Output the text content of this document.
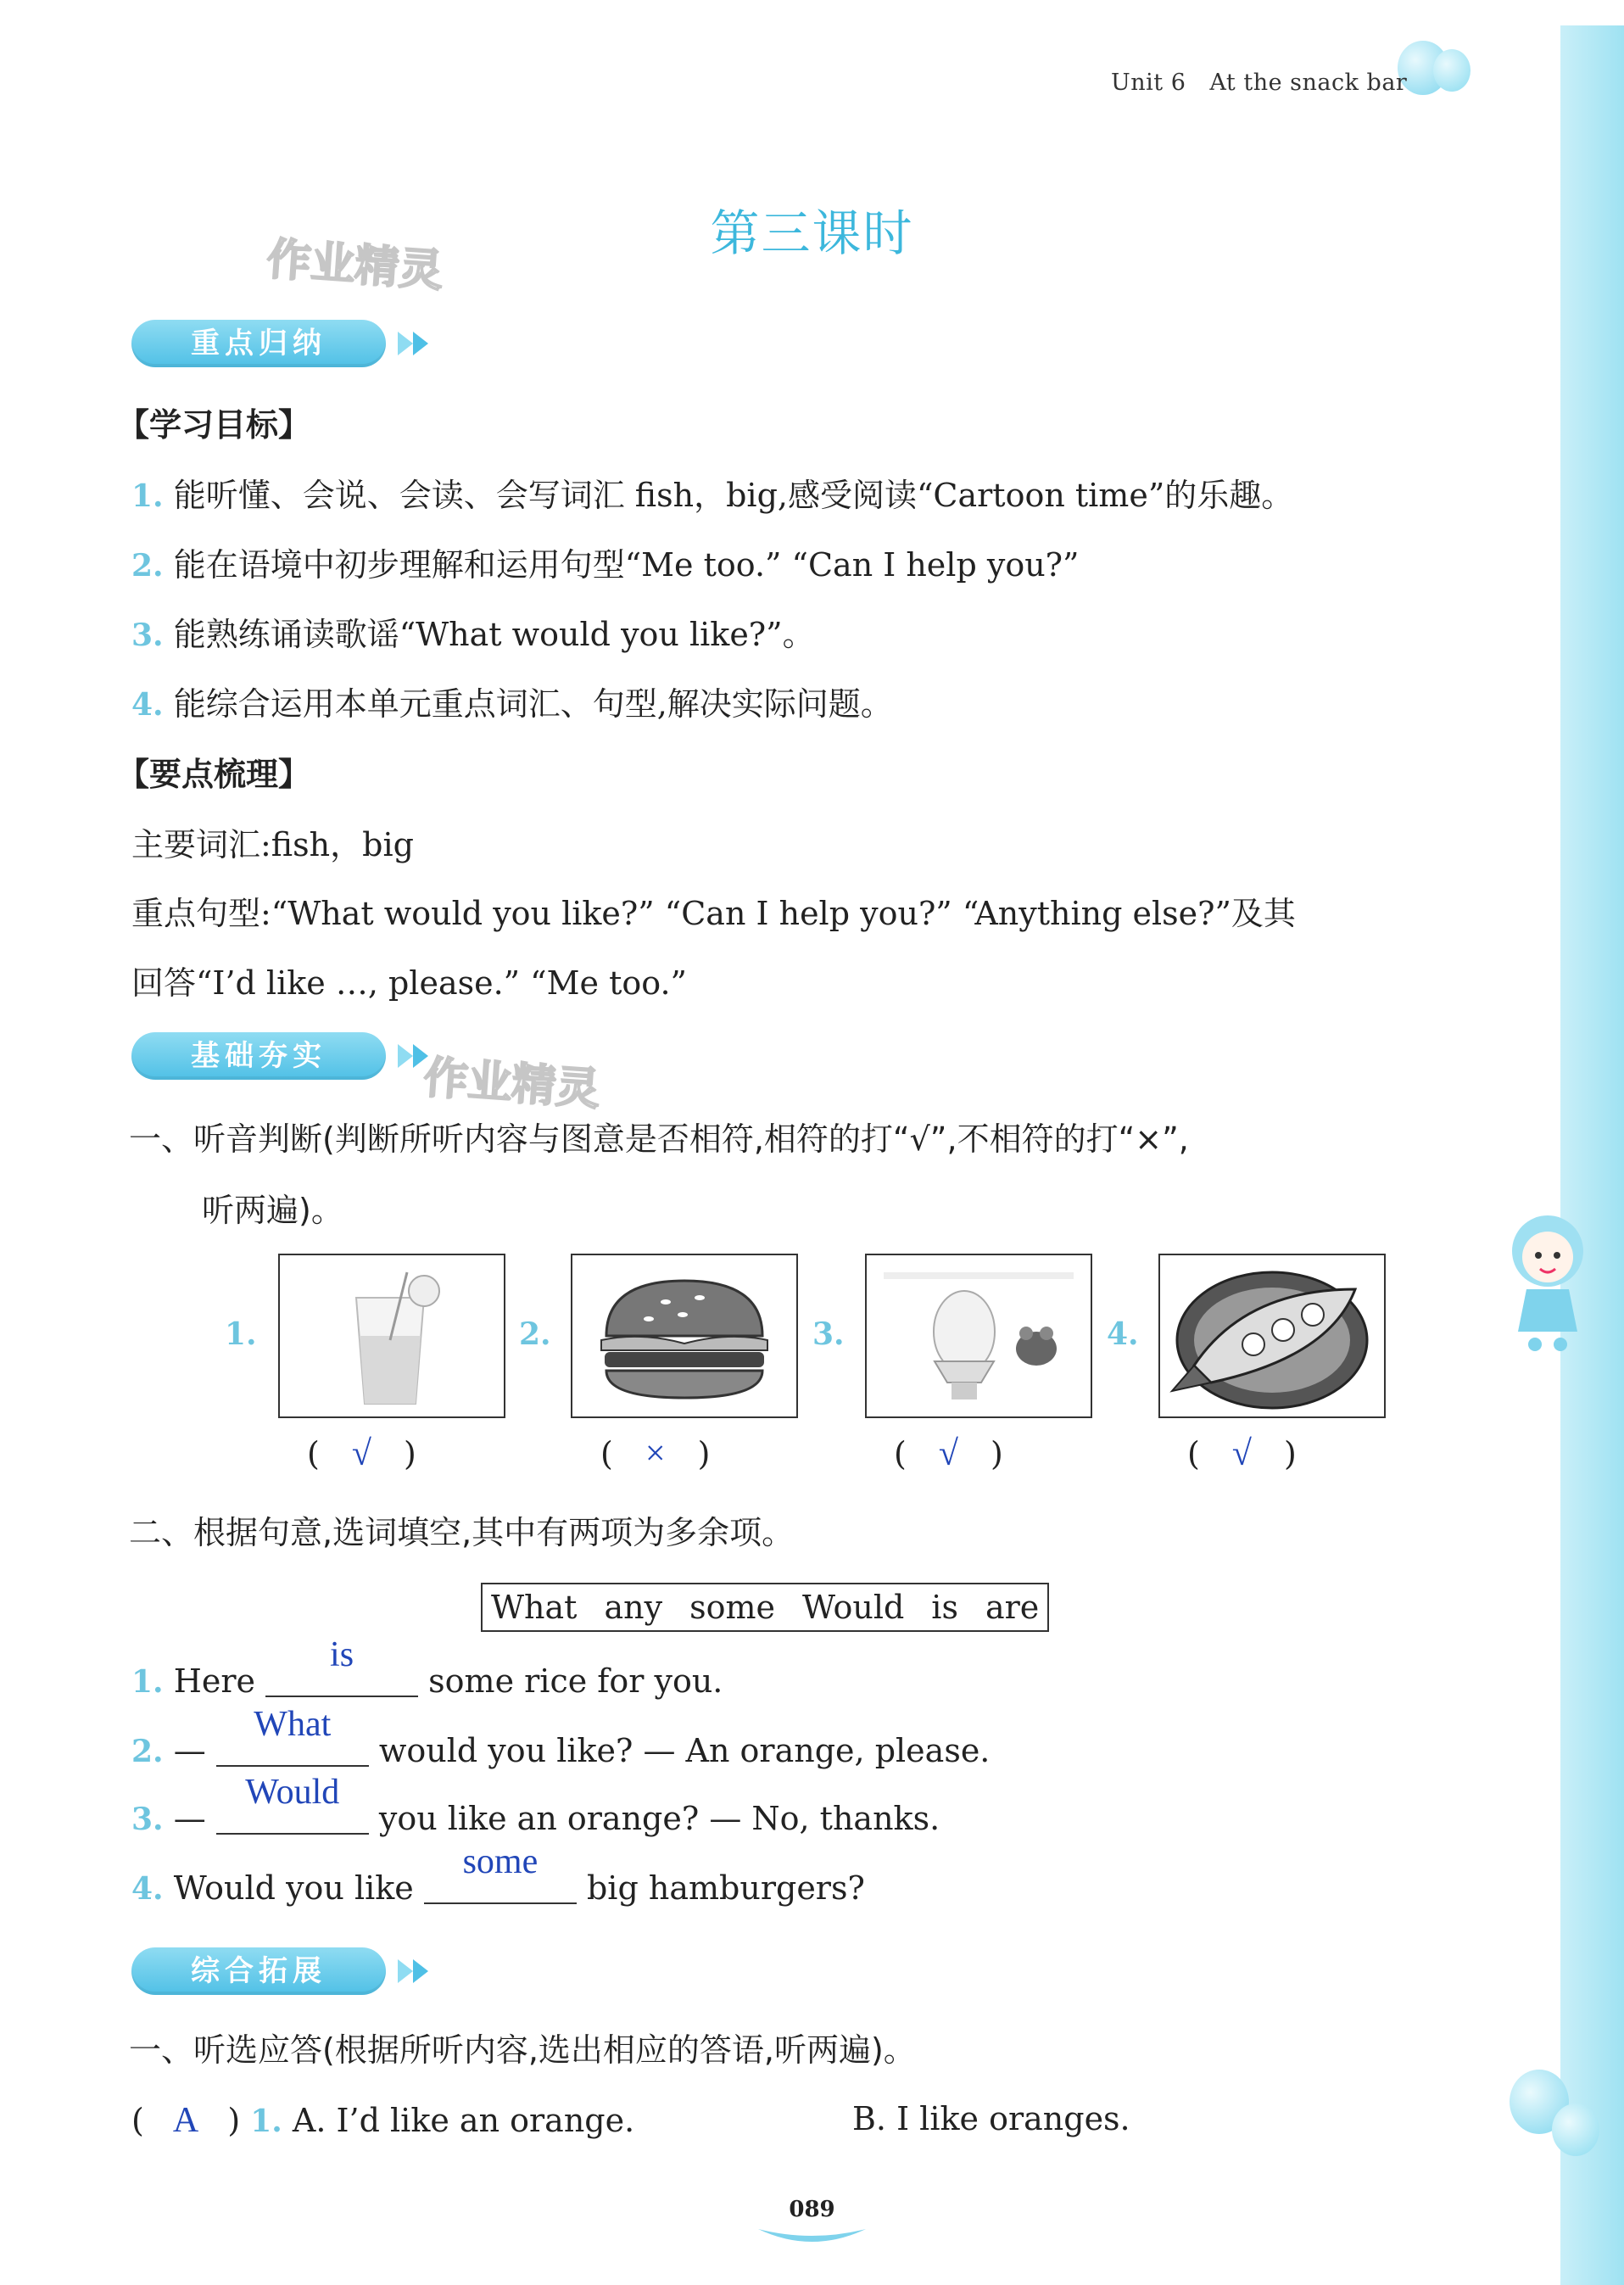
Unit 6 At the snack bar
第三课时
作业精灵
作业精灵
重点归纳
【学习目标】
1. 能听懂、会说、会读、会写词汇 fish，big,感受阅读“Cartoon time”的乐趣。
2. 能在语境中初步理解和运用句型“Me too.” “Can I help you?”
3. 能熟练诵读歌谣“What would you like?”。
4. 能综合运用本单元重点词汇、句型,解决实际问题。
【要点梳理】
主要词汇:fish，big
重点句型:“What would you like?” “Can I help you?” “Anything else?”及其
回答“I’d like …, please.” “Me too.”
基础夯实
一、听音判断(判断所听内容与图意是否相符,相符的打“√”,不相符的打“×”,
听两遍)。
1.
( √ )
2.
( × )
3.
( √ )
4.
( √ )
二、根据句意,选词填空,其中有两项为多余项。
What any some Would is are
1. Here
is
some rice for you.
2. —
What
would you like? — An orange, please.
3. —
Would
you like an orange? — No, thanks.
4. Would you like
some
big hamburgers?
综合拓展
一、听选应答(根据所听内容,选出相应的答语,听两遍)。
( A ) 1. A. I’d like an orange.	B. I like oranges.
089
